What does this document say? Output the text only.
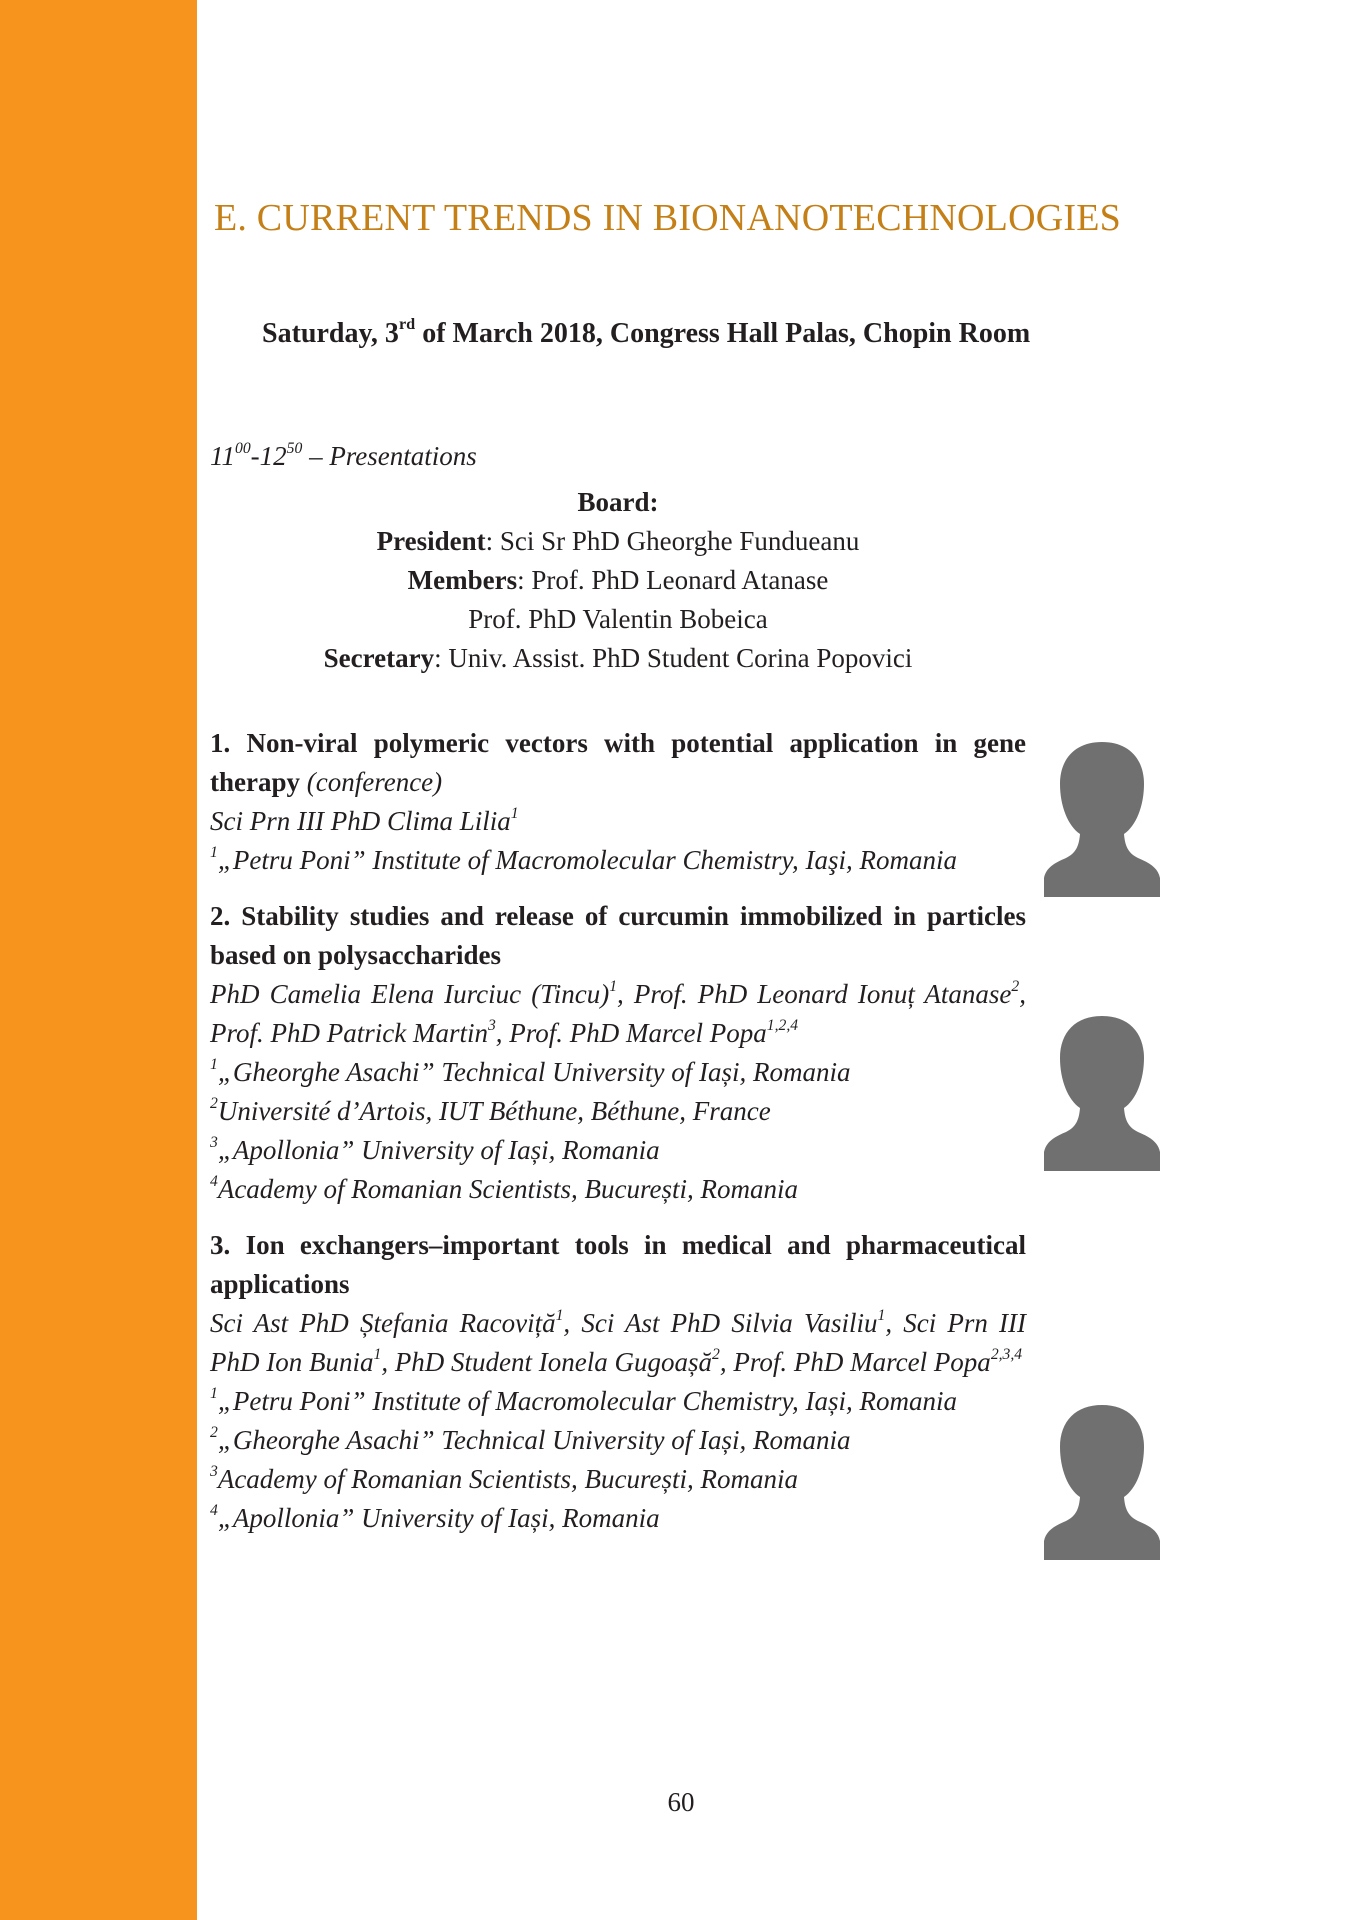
E. CURRENT TRENDS IN BIONANOTECHNOLOGIES
Saturday, 3rd of March 2018, Congress Hall Palas, Chopin Room
$11^{00}-12^{50}$ – Presentations
Board:
President: Sci Sr PhD Gheorghe Fundueanu
Members: Prof. PhD Leonard Atanase
Prof. PhD Valentin Bobeica
Secretary: Univ. Assist. PhD Student Corina Popovici
1. Non-viral polymeric vectors with potential application in gene therapy (conference)
Sci Prn III PhD Clima Lilia$^1$
$^1$„Petru Poni” Institute of Macromolecular Chemistry, Iaşi, Romania
2. Stability studies and release of curcumin immobilized in particles based on polysaccharides
PhD Camelia Elena Iurciuc (Tincu)$^1$, Prof. PhD Leonard Ionuț Atanase$^2$, Prof. PhD Patrick Martin$^3$, Prof. PhD Marcel Popa$^{1,2,4}$
$^1$„Gheorghe Asachi” Technical University of Iași, Romania
$^2$Université d’Artois, IUT Béthune, Béthune, France
$^3$„Apollonia” University of Iași, Romania
$^4$Academy of Romanian Scientists, București, Romania
3. Ion exchangers–important tools in medical and pharmaceutical applications
Sci Ast PhD Ștefania Racoviță$^1$, Sci Ast PhD Silvia Vasiliu$^1$, Sci Prn III PhD Ion Bunia$^1$, PhD Student Ionela Gugoașă$^2$, Prof. PhD Marcel Popa$^{2,3,4}$
$^1$„Petru Poni” Institute of Macromolecular Chemistry, Iași, Romania
$^2$„Gheorghe Asachi” Technical University of Iași, Romania
$^3$Academy of Romanian Scientists, București, Romania
$^4$„Apollonia” University of Iași, Romania
60
